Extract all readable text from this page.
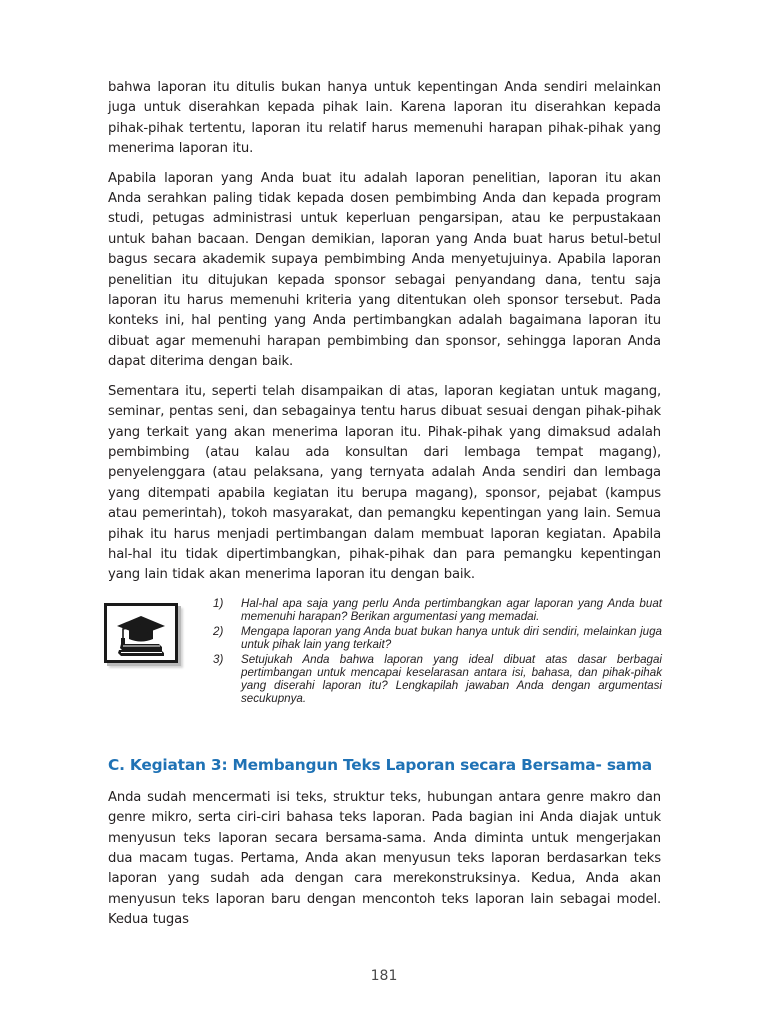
bahwa laporan itu ditulis bukan hanya untuk kepentingan Anda sendiri melainkan juga untuk diserahkan kepada pihak lain. Karena laporan itu diserahkan kepada pihak-pihak tertentu, laporan itu relatif harus memenuhi harapan pihak-pihak yang menerima laporan itu.

Apabila laporan yang Anda buat itu adalah laporan penelitian, laporan itu akan Anda serahkan paling tidak kepada dosen pembimbing Anda dan kepada program studi, petugas administrasi untuk keperluan pengarsipan, atau ke perpustakaan untuk bahan bacaan. Dengan demikian, laporan yang Anda buat harus betul-betul bagus secara akademik supaya pembimbing Anda menyetujuinya. Apabila laporan penelitian itu ditujukan kepada sponsor sebagai penyandang dana, tentu saja laporan itu harus memenuhi kriteria yang ditentukan oleh sponsor tersebut. Pada konteks ini, hal penting yang Anda pertimbangkan adalah bagaimana laporan itu dibuat agar memenuhi harapan pembimbing dan sponsor, sehingga laporan Anda dapat diterima dengan baik.

Sementara itu, seperti telah disampaikan di atas, laporan kegiatan untuk magang, seminar, pentas seni, dan sebagainya tentu harus dibuat sesuai dengan pihak-pihak yang terkait yang akan menerima laporan itu. Pihak-pihak yang dimaksud adalah pembimbing (atau kalau ada konsultan dari lembaga tempat magang), penyelenggara (atau pelaksana, yang ternyata adalah Anda sendiri dan lembaga yang ditempati apabila kegiatan itu berupa magang), sponsor, pejabat (kampus atau pemerintah), tokoh masyarakat, dan pemangku kepentingan yang lain. Semua pihak itu harus menjadi pertimbangan dalam membuat laporan kegiatan. Apabila hal-hal itu tidak dipertimbangkan, pihak-pihak dan para pemangku kepentingan yang lain tidak akan menerima laporan itu dengan baik.

1) Hal-hal apa saja yang perlu Anda pertimbangkan agar laporan yang Anda buat memenuhi harapan? Berikan argumentasi yang memadai.
2) Mengapa laporan yang Anda buat bukan hanya untuk diri sendiri, melainkan juga untuk pihak lain yang terkait?
3) Setujukah Anda bahwa laporan yang ideal dibuat atas dasar berbagai pertimbangan untuk mencapai keselarasan antara isi, bahasa, dan pihak-pihak yang diserahi laporan itu? Lengkapilah jawaban Anda dengan argumentasi secukupnya.
C. Kegiatan 3: Membangun Teks Laporan secara Bersama- sama

Anda sudah mencermati isi teks, struktur teks, hubungan antara genre makro dan genre mikro, serta ciri-ciri bahasa teks laporan. Pada bagian ini Anda diajak untuk menyusun teks laporan secara bersama-sama. Anda diminta untuk mengerjakan dua macam tugas. Pertama, Anda akan menyusun teks laporan berdasarkan teks laporan yang sudah ada dengan cara merekonstruksinya. Kedua, Anda akan menyusun teks laporan baru dengan mencontoh teks laporan lain sebagai model. Kedua tugas

181
